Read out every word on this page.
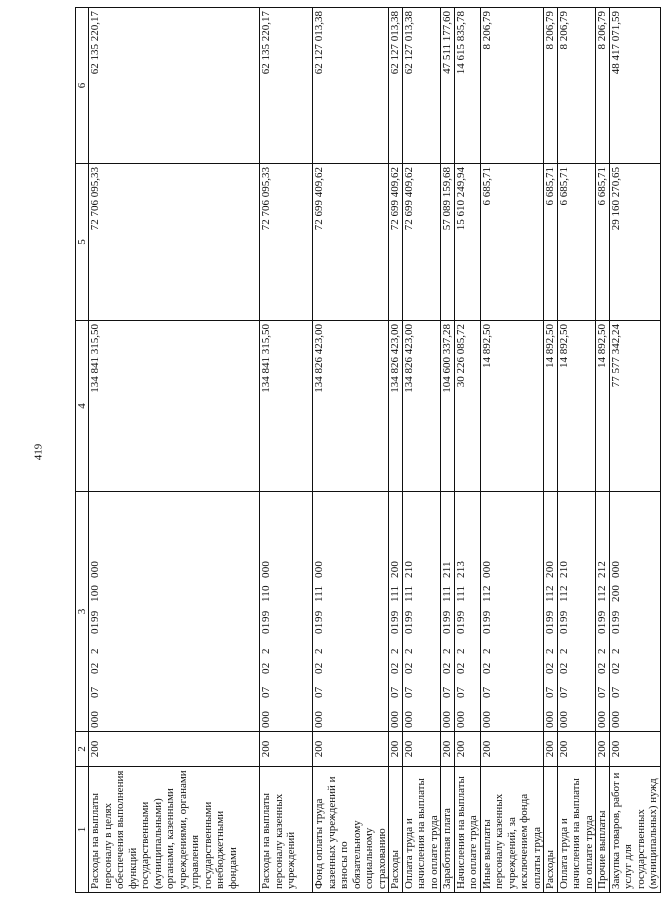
419
1	2	3	4	5	6
Расходы на выплаты персоналу в целях обеспечения выполнения функций государственными (муниципальными) органами, казенными учреждениями, органами управления государственными внебюджетными фондами	200	000070220199100000	134 841 315,50	72 706 095,33	62 135 220,17
Расходы на выплаты персоналу казенных учреждений	200	000070220199110000	134 841 315,50	72 706 095,33	62 135 220,17
Фонд оплаты труда казенных учреждений и взносы по обязательному социальному страхованию	200	000070220199111000	134 826 423,00	72 699 409,62	62 127 013,38
Расходы	200	000070220199111200	134 826 423,00	72 699 409,62	62 127 013,38
Оплата труда и начисления на выплаты по оплате труда	200	000070220199111210	134 826 423,00	72 699 409,62	62 127 013,38
Заработная плата	200	000070220199111211	104 600 337,28	57 089 159,68	47 511 177,60
Начисления на выплаты по оплате труда	200	000070220199111213	30 226 085,72	15 610 249,94	14 615 835,78
Иные выплаты персоналу казенных учреждений, за исключением фонда оплаты труда	200	000070220199112000	14 892,50	6 685,71	8 206,79
Расходы	200	000070220199112200	14 892,50	6 685,71	8 206,79
Оплата труда и начисления на выплаты по оплате труда	200	000070220199112210	14 892,50	6 685,71	8 206,79
Прочие выплаты	200	000070220199112212	14 892,50	6 685,71	8 206,79
Закупка товаров, работ и услуг для государственных (муниципальных) нужд	200	000070220199200000	77 577 342,24	29 160 270,65	48 417 071,59
